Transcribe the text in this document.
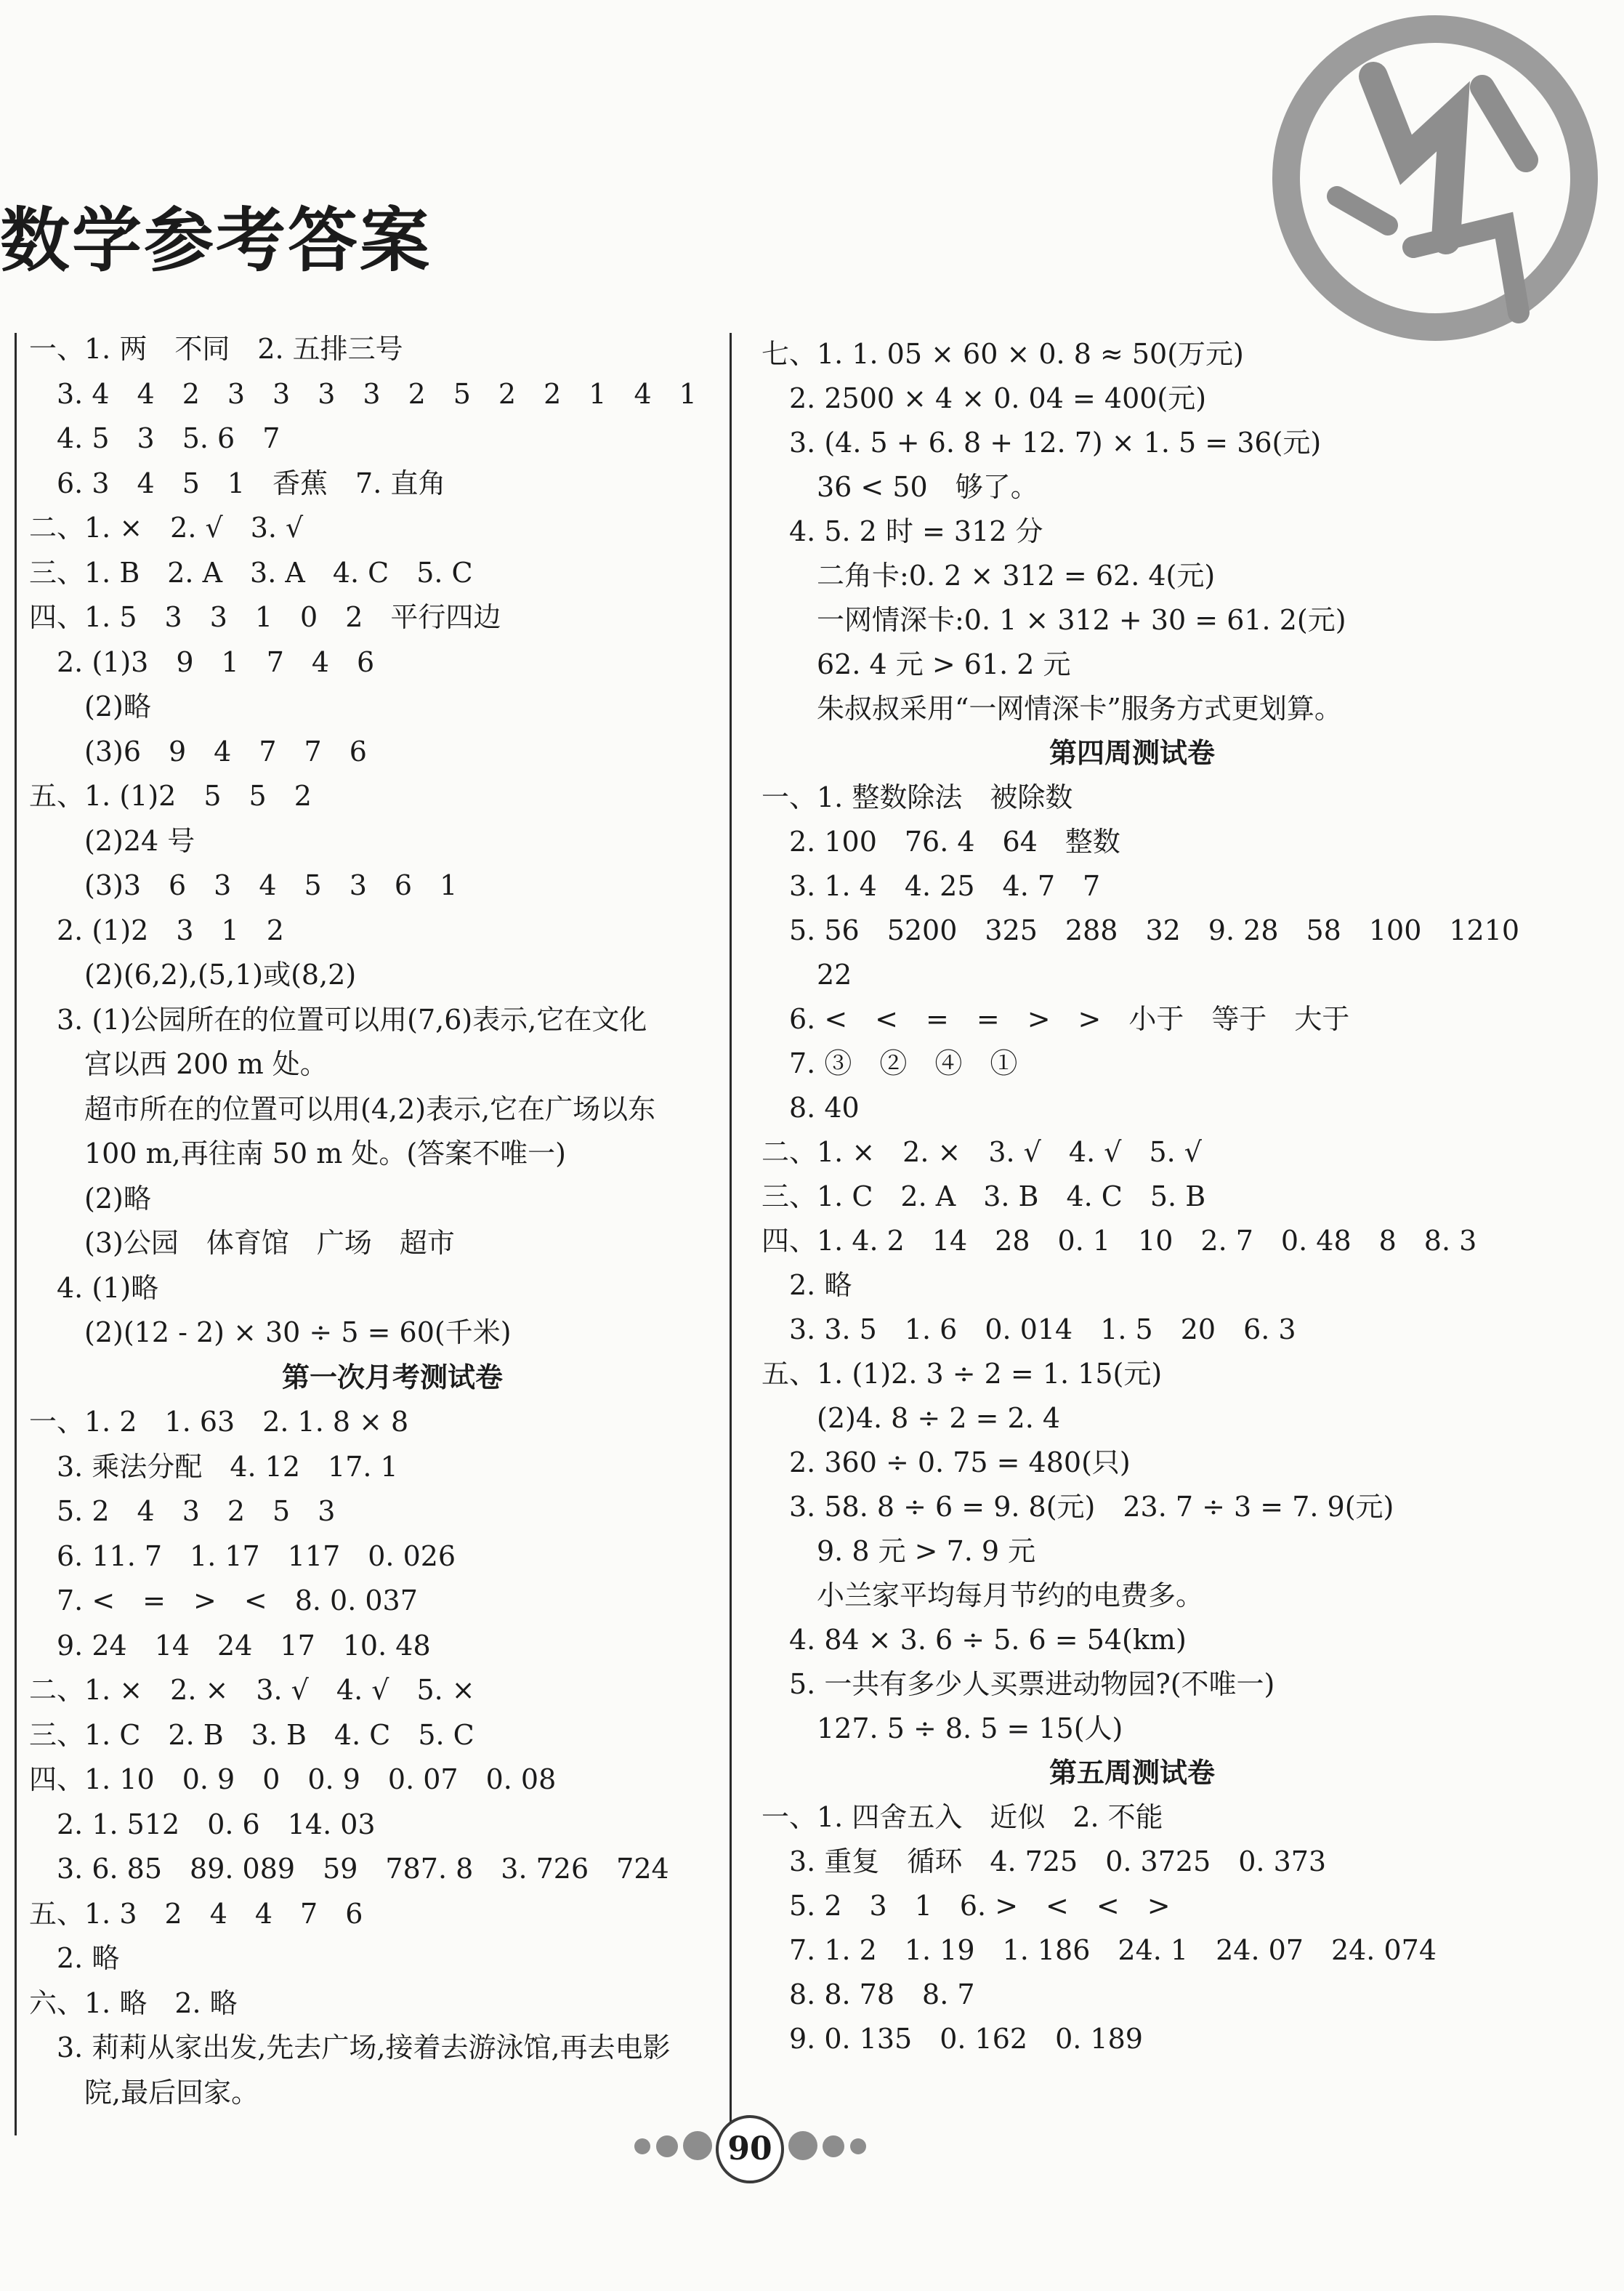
数学参考答案
一、1. 两　不同　2. 五排三号
　3. 4　4　2　3　3　3　3　2　5　2　2　1　4　1
　4. 5　3　5. 6　7
　6. 3　4　5　1　香蕉　7. 直角
二、1. ×　2. √　3. √
三、1. B　2. A　3. A　4. C　5. C
四、1. 5　3　3　1　0　2　平行四边
　2. (1)3　9　1　7　4　6
　　(2)略
　　(3)6　9　4　7　7　6
五、1. (1)2　5　5　2
　　(2)24 号
　　(3)3　6　3　4　5　3　6　1
　2. (1)2　3　1　2
　　(2)(6,2),(5,1)或(8,2)
　3. (1)公园所在的位置可以用(7,6)表示,它在文化
　　宫以西 200 m 处。
　　超市所在的位置可以用(4,2)表示,它在广场以东
　　100 m,再往南 50 m 处。(答案不唯一)
　　(2)略
　　(3)公园　体育馆　广场　超市
　4. (1)略
　　(2)(12 - 2) × 30 ÷ 5 = 60(千米)
第一次月考测试卷
一、1. 2　1. 63　2. 1. 8 × 8
　3. 乘法分配　4. 12　17. 1
　5. 2　4　3　2　5　3
　6. 11. 7　1. 17　117　0. 026
　7. <　=　>　<　8. 0. 037
　9. 24　14　24　17　10. 48
二、1. ×　2. ×　3. √　4. √　5. ×
三、1. C　2. B　3. B　4. C　5. C
四、1. 10　0. 9　0　0. 9　0. 07　0. 08
　2. 1. 512　0. 6　14. 03
　3. 6. 85　89. 089　59　787. 8　3. 726　724
五、1. 3　2　4　4　7　6
　2. 略
六、1. 略　2. 略
　3. 莉莉从家出发,先去广场,接着去游泳馆,再去电影
　　院,最后回家。
七、1. 1. 05 × 60 × 0. 8 ≈ 50(万元)
　2. 2500 × 4 × 0. 04 = 400(元)
　3. (4. 5 + 6. 8 + 12. 7) × 1. 5 = 36(元)
　　36 < 50　够了。
　4. 5. 2 时 = 312 分
　　二角卡:0. 2 × 312 = 62. 4(元)
　　一网情深卡:0. 1 × 312 + 30 = 61. 2(元)
　　62. 4 元 > 61. 2 元
　　朱叔叔采用“一网情深卡”服务方式更划算。
第四周测试卷
一、1. 整数除法　被除数
　2. 100　76. 4　64　整数
　3. 1. 4　4. 25　4. 7　7
　5. 56　5200　325　288　32　9. 28　58　100　1210
　　22
　6. <　<　=　=　>　>　小于　等于　大于
　7. ③　②　④　①
　8. 40
二、1. ×　2. ×　3. √　4. √　5. √
三、1. C　2. A　3. B　4. C　5. B
四、1. 4. 2　14　28　0. 1　10　2. 7　0. 48　8　8. 3
　2. 略
　3. 3. 5　1. 6　0. 014　1. 5　20　6. 3
五、1. (1)2. 3 ÷ 2 = 1. 15(元)
　　(2)4. 8 ÷ 2 = 2. 4
　2. 360 ÷ 0. 75 = 480(只)
　3. 58. 8 ÷ 6 = 9. 8(元)　23. 7 ÷ 3 = 7. 9(元)
　　9. 8 元 > 7. 9 元
　　小兰家平均每月节约的电费多。
　4. 84 × 3. 6 ÷ 5. 6 = 54(km)
　5. 一共有多少人买票进动物园?(不唯一)
　　127. 5 ÷ 8. 5 = 15(人)
第五周测试卷
一、1. 四舍五入　近似　2. 不能
　3. 重复　循环　4. 725　0. 3725　0. 373
　5. 2　3　1　6. >　<　<　>
　7. 1. 2　1. 19　1. 186　24. 1　24. 07　24. 074
　8. 8. 78　8. 7
　9. 0. 135　0. 162　0. 189
90
